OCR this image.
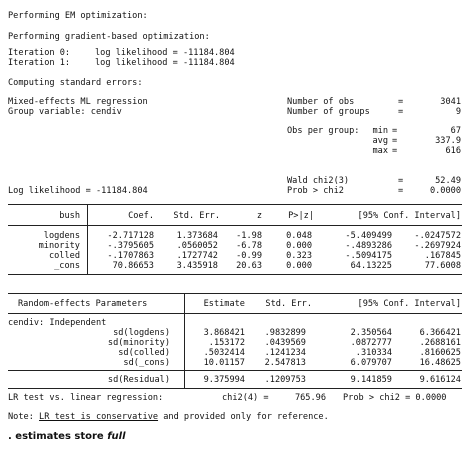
Performing EM optimization:
Performing gradient-based optimization:
Iteration 0:	log likelihood = -11184.804
Iteration 1:	log likelihood = -11184.804
Computing standard errors:
Mixed-effects ML regression
Group variable: cendiv
Number of obs	=	3041
Number of groups	=	9
Obs per group:	min =	67
avg =	337.9
max =	616
Wald chi2(3)	=	52.49
Log likelihood = -11184.804	Prob > chi2	=	0.0000
bush	Coef.	Std. Err.	z	P>|z|	[95% Conf. Interval]
logdens	-2.717128	1.373684	-1.98	0.048	-5.409499	-.0247572
minority	-.3795605	.0560052	-6.78	0.000	-.4893286	-.2697924
colled	-.1707863	.1727742	-0.99	0.323	-.5094175	.167845
_cons	70.86653	3.435918	20.63	0.000	64.13225	77.6008
Random-effects Parameters	Estimate	Std. Err.	[95% Conf. Interval]
cendiv: Independent
sd(logdens)	3.868421	.9832899	2.350564	6.366421
sd(minority)	.153172	.0439569	.0872777	.2688161
sd(colled)	.5032414	.1241234	.310334	.8160625
sd(_cons)	10.01157	2.547813	6.079707	16.48625
sd(Residual)	9.375994	.1209753	9.141859	9.616124
LR test vs. linear regression:	chi2(4) =	765.96 Prob > chi2 = 0.0000
Note: LR test is conservative and provided only for reference.
. estimates store full
